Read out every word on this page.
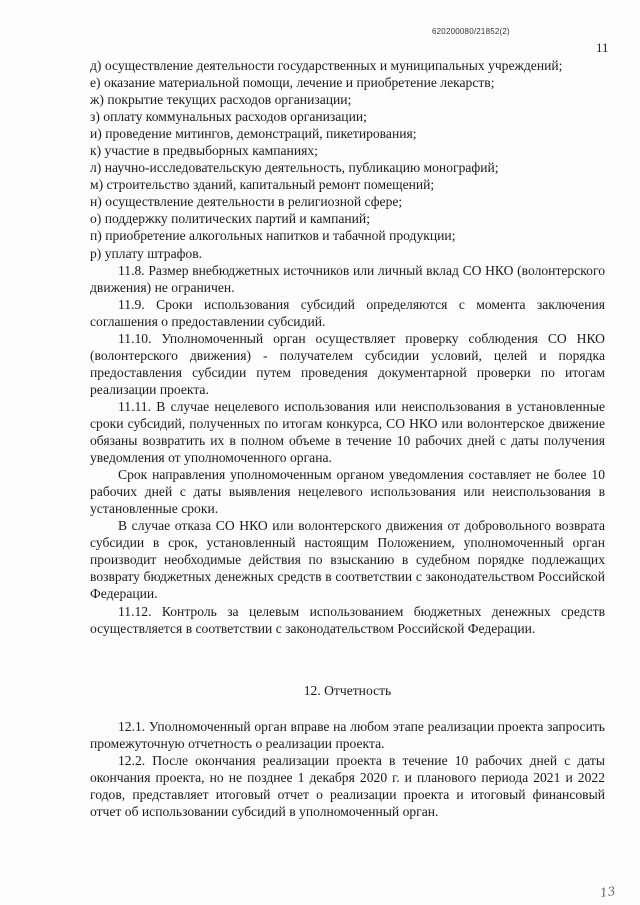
620200080/21852(2)
11

д) осуществление деятельности государственных и муниципальных учреждений;

е) оказание материальной помощи, лечение и приобретение лекарств;

ж) покрытие текущих расходов организации;

з) оплату коммунальных расходов организации;

и) проведение митингов, демонстраций, пикетирования;

к) участие в предвыборных кампаниях;

л) научно-исследовательскую деятельность, публикацию монографий;

м) строительство зданий, капитальный ремонт помещений;

н) осуществление деятельности в религиозной сфере;

о) поддержку политических партий и кампаний;

п) приобретение алкогольных напитков и табачной продукции;

р) уплату штрафов.

11.8. Размер внебюджетных источников или личный вклад СО НКО (волонтерского движения) не ограничен.

11.9. Сроки использования субсидий определяются с момента заключения соглашения о предоставлении субсидий.

11.10. Уполномоченный орган осуществляет проверку соблюдения СО НКО (волонтерского движения) - получателем субсидии условий, целей и порядка предоставления субсидии путем проведения документарной проверки по итогам реализации проекта.

11.11. В случае нецелевого использования или неиспользования в установленные сроки субсидий, полученных по итогам конкурса, СО НКО или волонтерское движение обязаны возвратить их в полном объеме в течение 10 рабочих дней с даты получения уведомления от уполномоченного органа.

Срок направления уполномоченным органом уведомления составляет не более 10 рабочих дней с даты выявления нецелевого использования или неиспользования в установленные сроки.

В случае отказа СО НКО или волонтерского движения от добровольного возврата субсидии в срок, установленный настоящим Положением, уполномоченный орган производит необходимые действия по взысканию в судебном порядке подлежащих возврату бюджетных денежных средств в соответствии с законодательством Российской Федерации.

11.12. Контроль за целевым использованием бюджетных денежных средств осуществляется в соответствии с законодательством Российской Федерации.

12. Отчетность

12.1. Уполномоченный орган вправе на любом этапе реализации проекта запросить промежуточную отчетность о реализации проекта.

12.2. После окончания реализации проекта в течение 10 рабочих дней с даты окончания проекта, но не позднее 1 декабря 2020 г. и планового периода 2021 и 2022 годов, представляет итоговый отчет о реализации проекта и итоговый финансовый отчет об использовании субсидий в уполномоченный орган.

13
